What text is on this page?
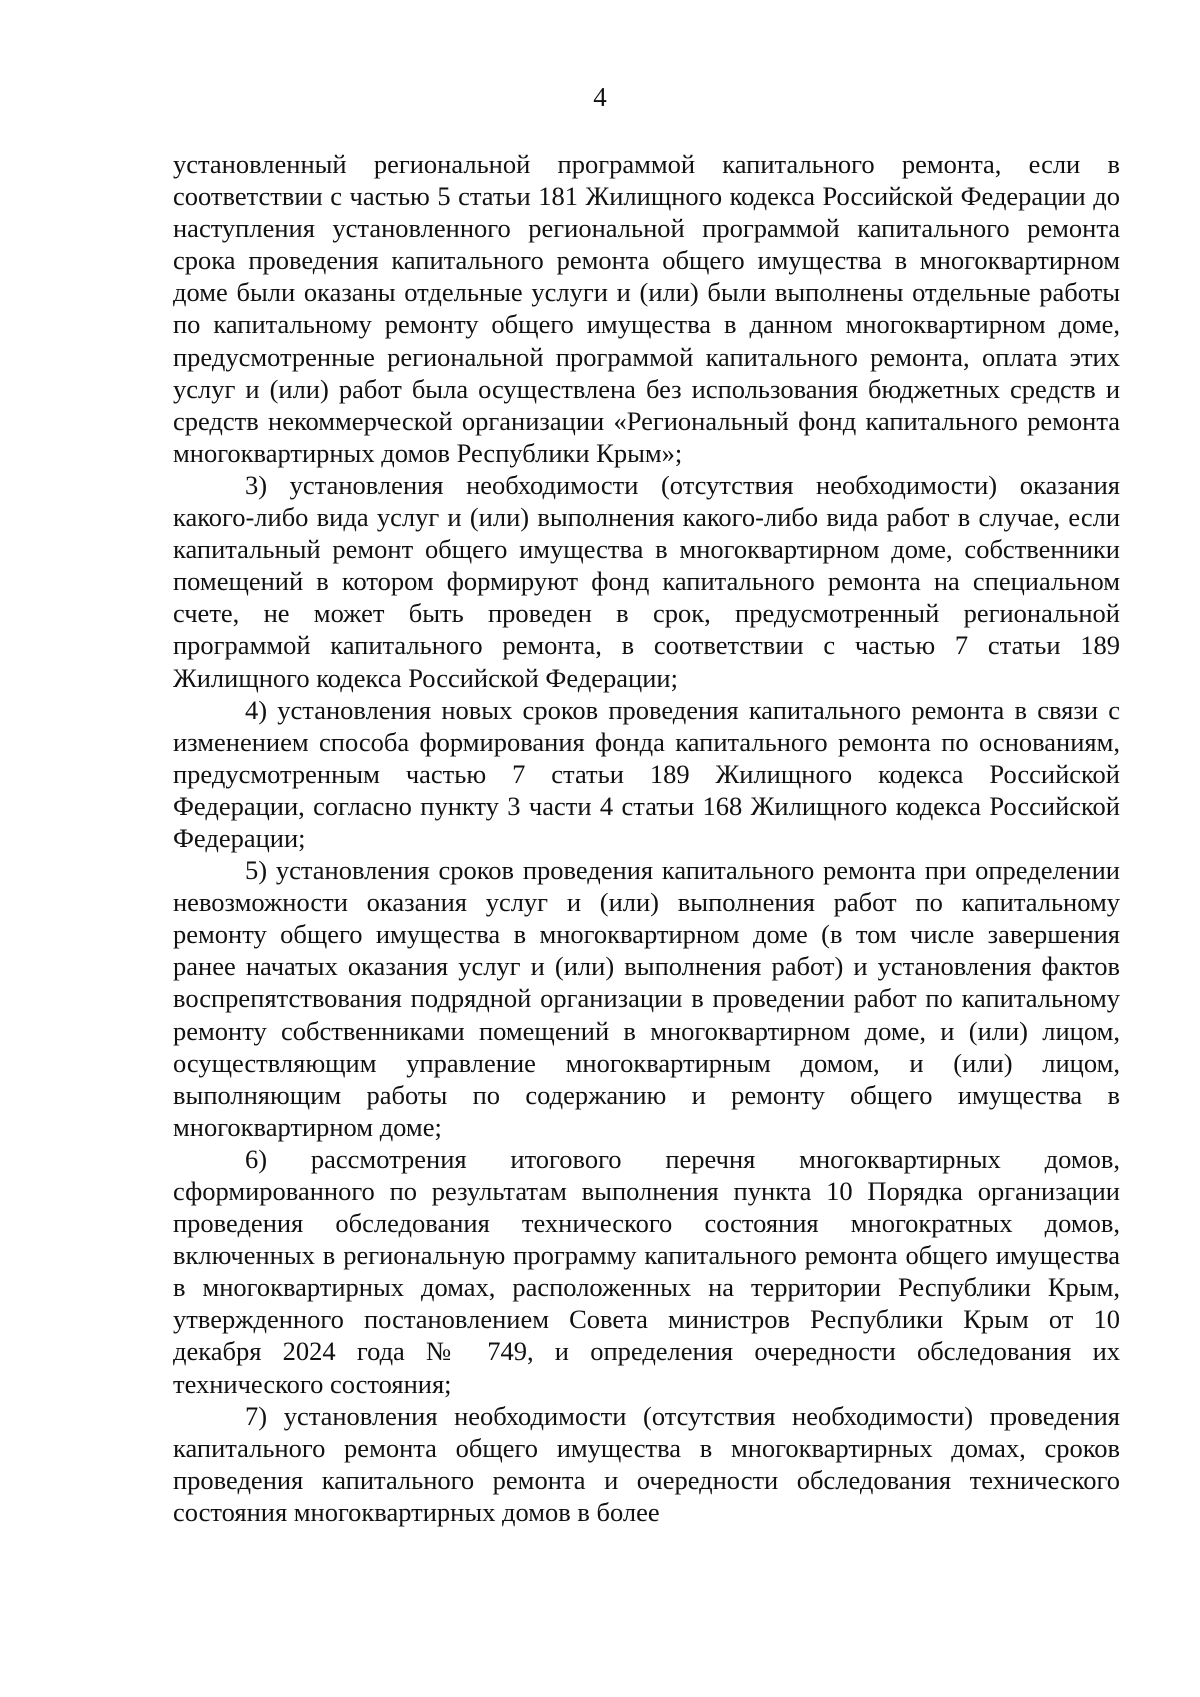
4

установленный региональной программой капитального ремонта, если в соответствии с частью 5 статьи 181 Жилищного кодекса Российской Федерации до наступления установленного региональной программой капитального ремонта срока проведения капитального ремонта общего имущества в многоквартирном доме были оказаны отдельные услуги и (или) были выполнены отдельные работы по капитальному ремонту общего имущества в данном многоквартирном доме, предусмотренные региональной программой капитального ремонта, оплата этих услуг и (или) работ была осуществлена без использования бюджетных средств и средств некоммерческой организации «Региональный фонд капитального ремонта многоквартирных домов Республики Крым»;

3) установления необходимости (отсутствия необходимости) оказания какого-либо вида услуг и (или) выполнения какого-либо вида работ в случае, если капитальный ремонт общего имущества в многоквартирном доме, собственники помещений в котором формируют фонд капитального ремонта на специальном счете, не может быть проведен в срок, предусмотренный региональной программой капитального ремонта, в соответствии с частью 7 статьи 189 Жилищного кодекса Российской Федерации;

4) установления новых сроков проведения капитального ремонта в связи с изменением способа формирования фонда капитального ремонта по основаниям, предусмотренным частью 7 статьи 189 Жилищного кодекса Российской Федерации, согласно пункту 3 части 4 статьи 168 Жилищного кодекса Российской Федерации;

5) установления сроков проведения капитального ремонта при определении невозможности оказания услуг и (или) выполнения работ по капитальному ремонту общего имущества в многоквартирном доме (в том числе завершения ранее начатых оказания услуг и (или) выполнения работ) и установления фактов воспрепятствования подрядной организации в проведении работ по капитальному ремонту собственниками помещений в многоквартирном доме, и (или) лицом, осуществляющим управление многоквартирным домом, и (или) лицом, выполняющим работы по содержанию и ремонту общего имущества в многоквартирном доме;

6) рассмотрения итогового перечня многоквартирных домов, сформированного по результатам выполнения пункта 10 Порядка организации проведения обследования технического состояния многократных домов, включенных в региональную программу капитального ремонта общего имущества в многоквартирных домах, расположенных на территории Республики Крым, утвержденного постановлением Совета министров Республики Крым от 10 декабря 2024 года № 749, и определения очередности обследования их технического состояния;

7) установления необходимости (отсутствия необходимости) проведения капитального ремонта общего имущества в многоквартирных домах, сроков проведения капитального ремонта и очередности обследования технического состояния многоквартирных домов в более
